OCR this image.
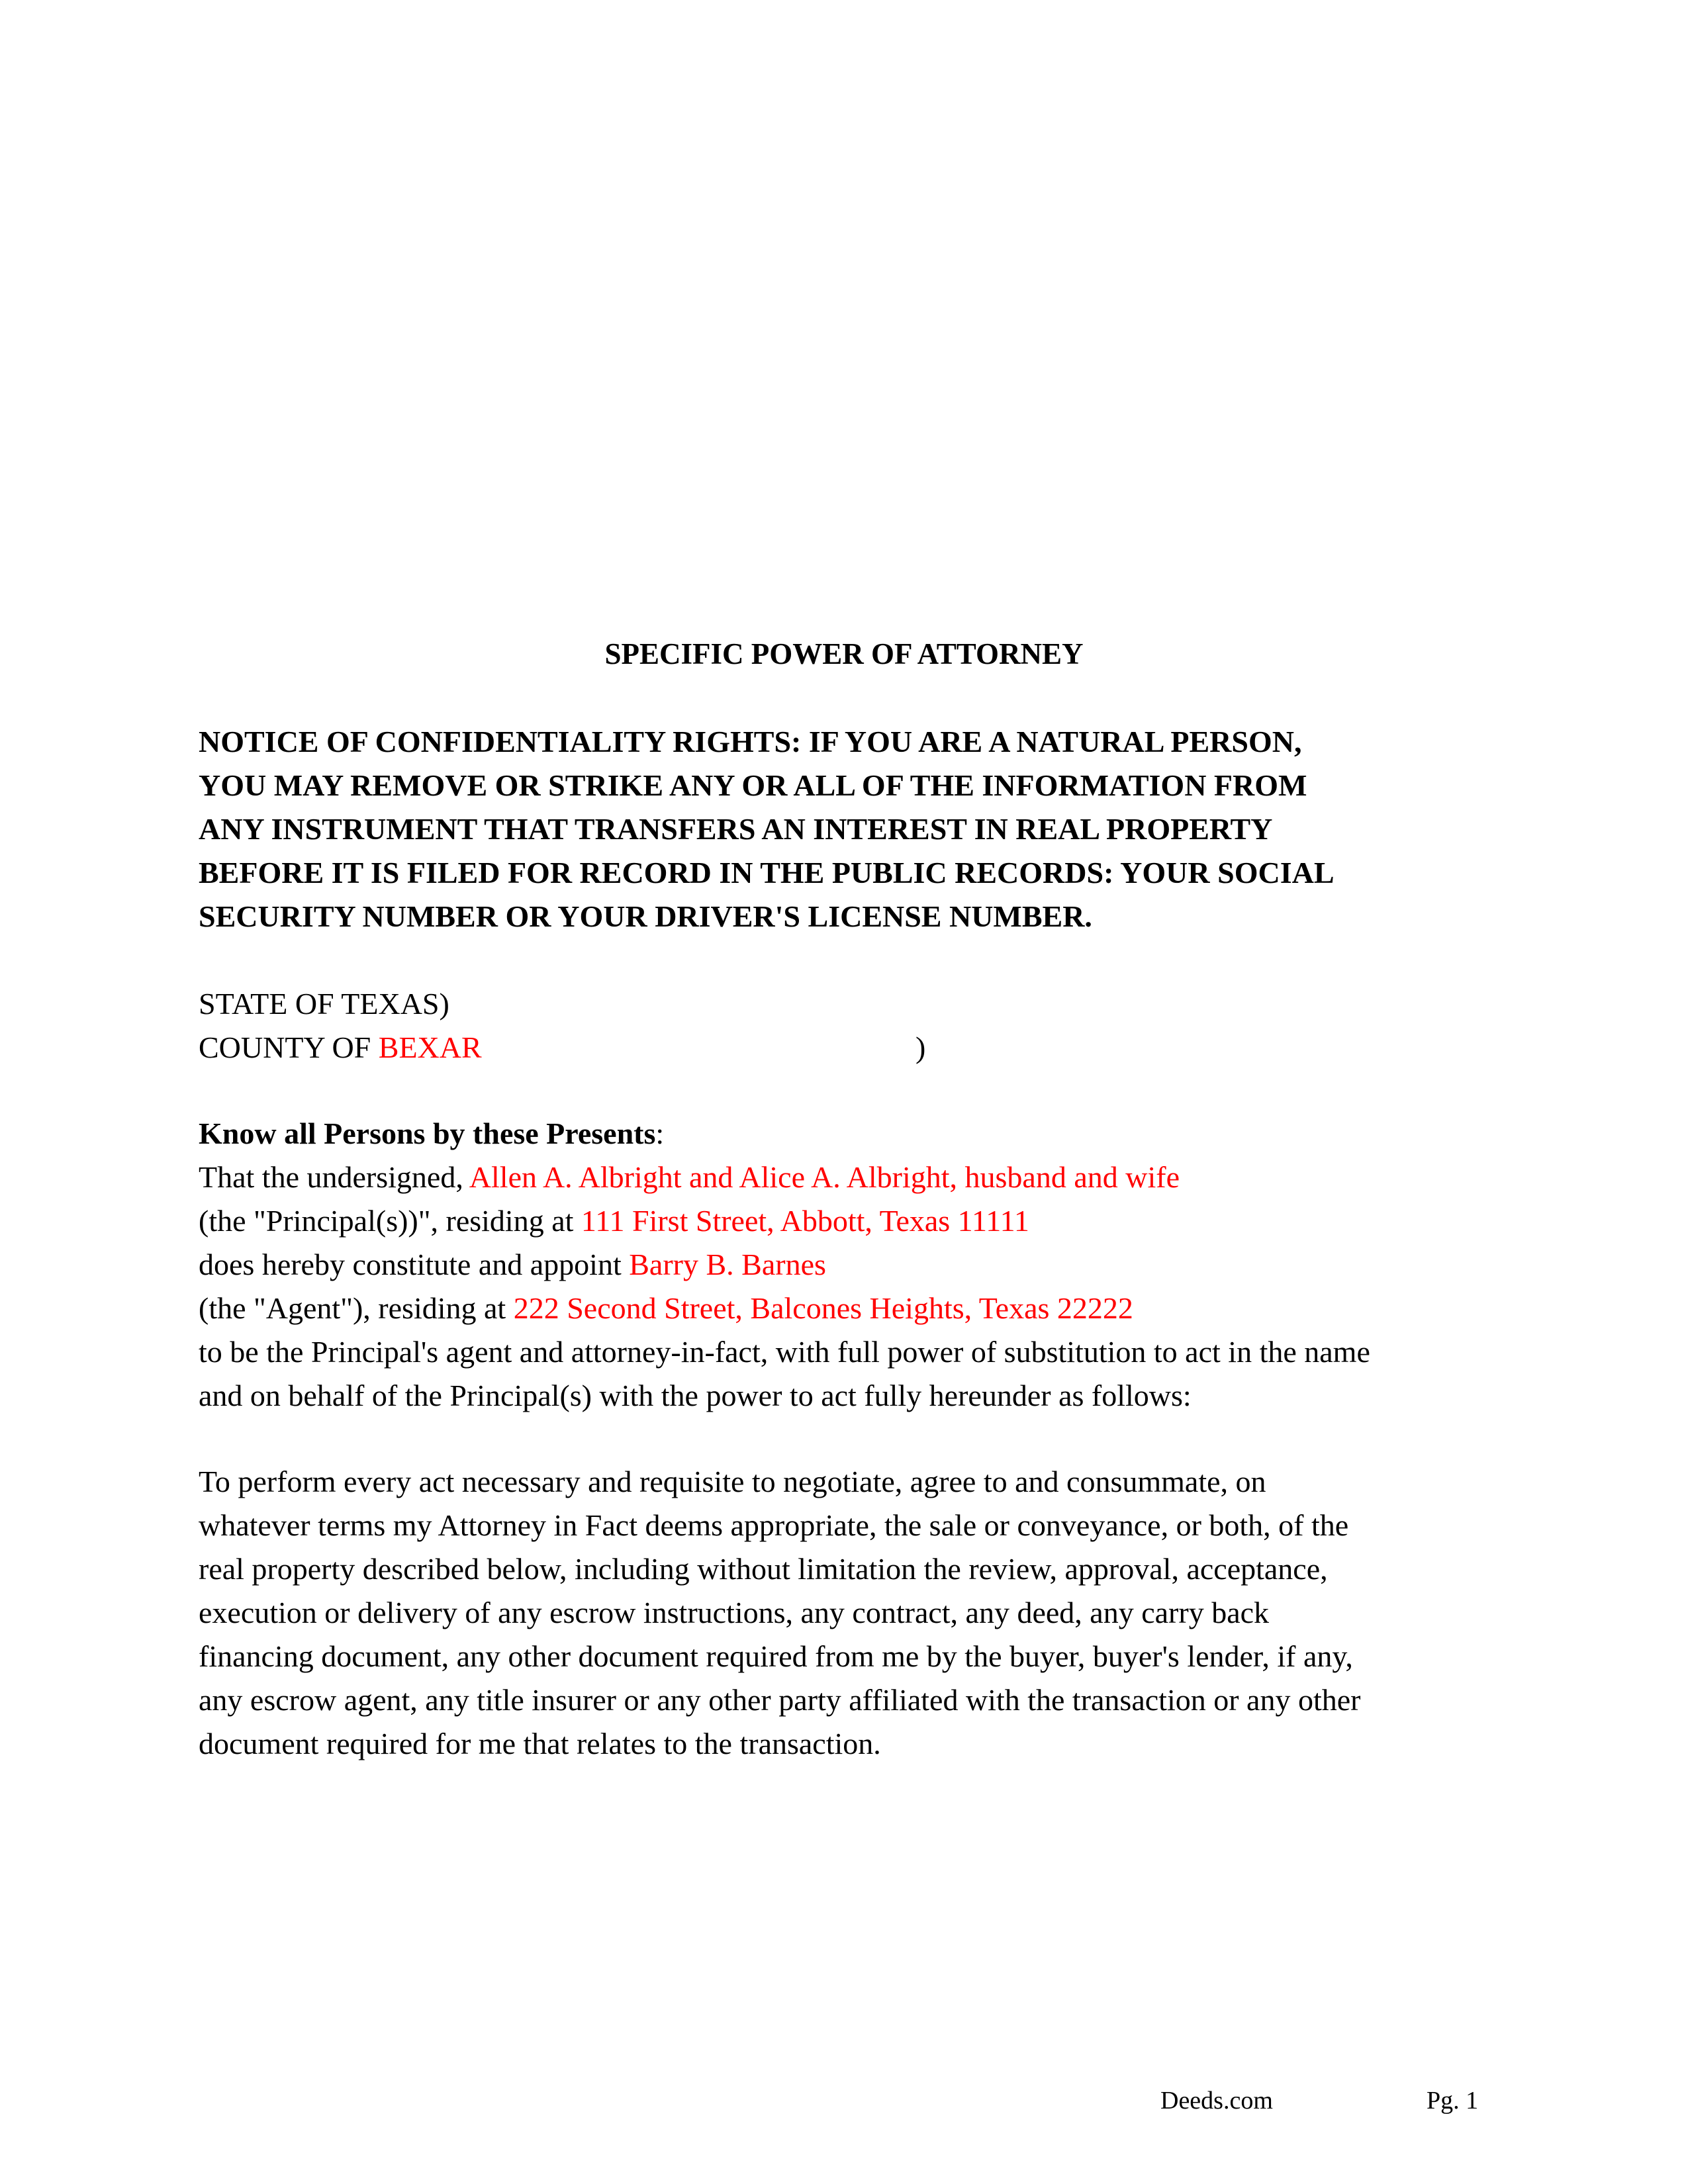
SPECIFIC POWER OF ATTORNEY
NOTICE OF CONFIDENTIALITY RIGHTS: IF YOU ARE A NATURAL PERSON,
YOU MAY REMOVE OR STRIKE ANY OR ALL OF THE INFORMATION FROM
ANY INSTRUMENT THAT TRANSFERS AN INTEREST IN REAL PROPERTY
BEFORE IT IS FILED FOR RECORD IN THE PUBLIC RECORDS: YOUR SOCIAL
SECURITY NUMBER OR YOUR DRIVER'S LICENSE NUMBER.
STATE OF TEXAS)
COUNTY OF BEXAR	)
Know all Persons by these Presents:
That the undersigned, Allen A. Albright and Alice A. Albright, husband and wife
(the "Principal(s))", residing at 111 First Street, Abbott, Texas 11111
does hereby constitute and appoint Barry B. Barnes
(the "Agent"), residing at 222 Second Street, Balcones Heights, Texas 22222
to be the Principal's agent and attorney-in-fact, with full power of substitution to act in the name
and on behalf of the Principal(s) with the power to act fully hereunder as follows:
To perform every act necessary and requisite to negotiate, agree to and consummate, on
whatever terms my Attorney in Fact deems appropriate, the sale or conveyance, or both, of the
real property described below, including without limitation the review, approval, acceptance,
execution or delivery of any escrow instructions, any contract, any deed, any carry back
financing document, any other document required from me by the buyer, buyer's lender, if any,
any escrow agent, any title insurer or any other party affiliated with the transaction or any other
document required for me that relates to the transaction.
Deeds.com	Pg. 1
